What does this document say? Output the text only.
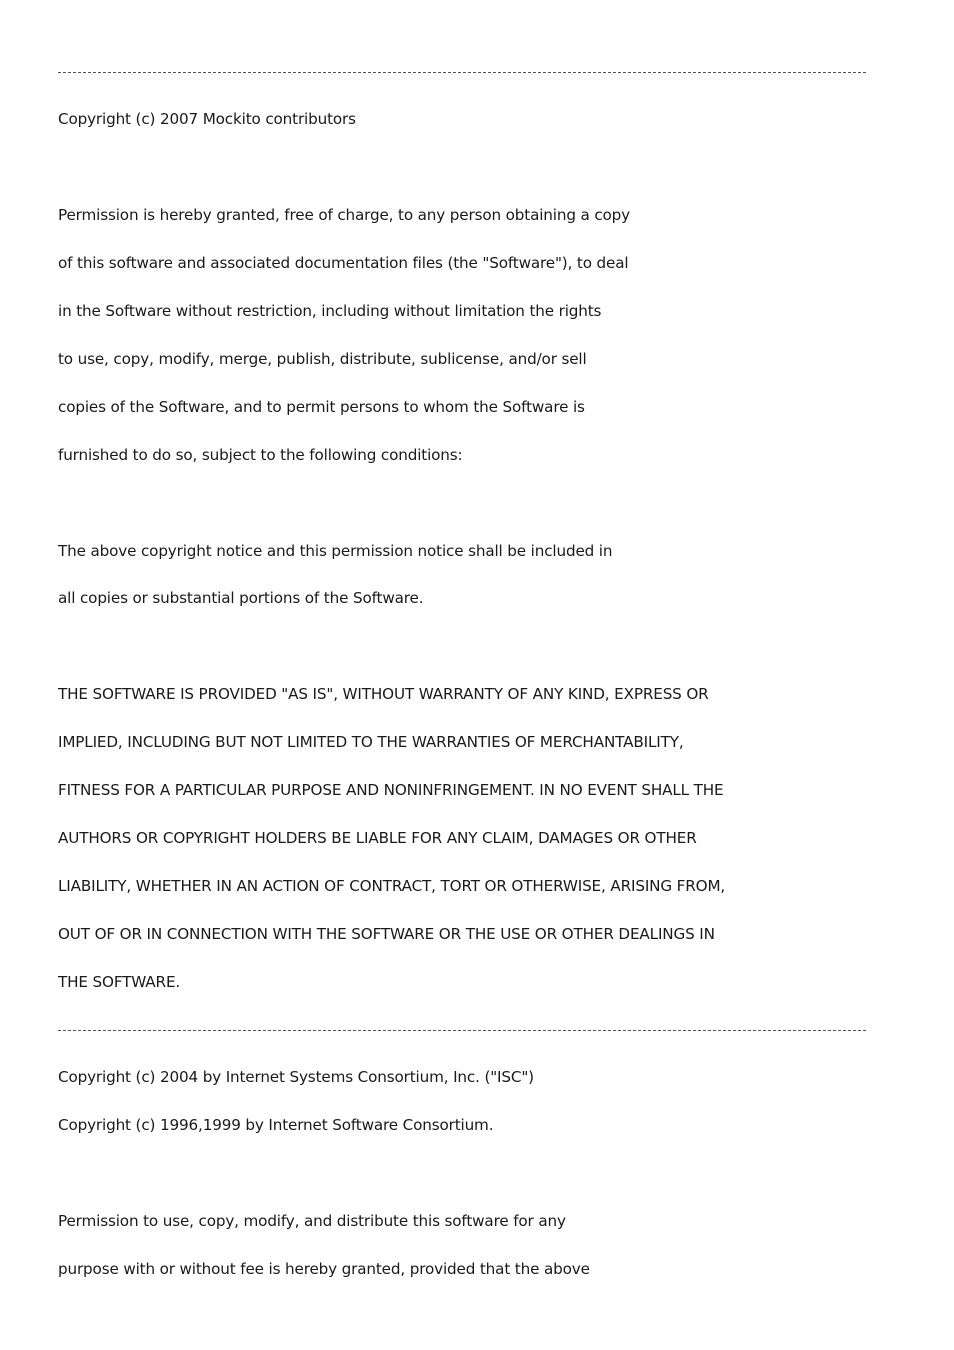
Copyright (c) 2007 Mockito contributors
Permission is hereby granted, free of charge, to any person obtaining a copy
of this software and associated documentation files (the "Software"), to deal
in the Software without restriction, including without limitation the rights
to use, copy, modify, merge, publish, distribute, sublicense, and/or sell
copies of the Software, and to permit persons to whom the Software is
furnished to do so, subject to the following conditions:
The above copyright notice and this permission notice shall be included in
all copies or substantial portions of the Software.
THE SOFTWARE IS PROVIDED "AS IS", WITHOUT WARRANTY OF ANY KIND, EXPRESS OR
IMPLIED, INCLUDING BUT NOT LIMITED TO THE WARRANTIES OF MERCHANTABILITY,
FITNESS FOR A PARTICULAR PURPOSE AND NONINFRINGEMENT. IN NO EVENT SHALL THE
AUTHORS OR COPYRIGHT HOLDERS BE LIABLE FOR ANY CLAIM, DAMAGES OR OTHER
LIABILITY, WHETHER IN AN ACTION OF CONTRACT, TORT OR OTHERWISE, ARISING FROM,
OUT OF OR IN CONNECTION WITH THE SOFTWARE OR THE USE OR OTHER DEALINGS IN
THE SOFTWARE.
Copyright (c) 2004 by Internet Systems Consortium, Inc. ("ISC")
Copyright (c) 1996,1999 by Internet Software Consortium.
Permission to use, copy, modify, and distribute this software for any
purpose with or without fee is hereby granted, provided that the above
